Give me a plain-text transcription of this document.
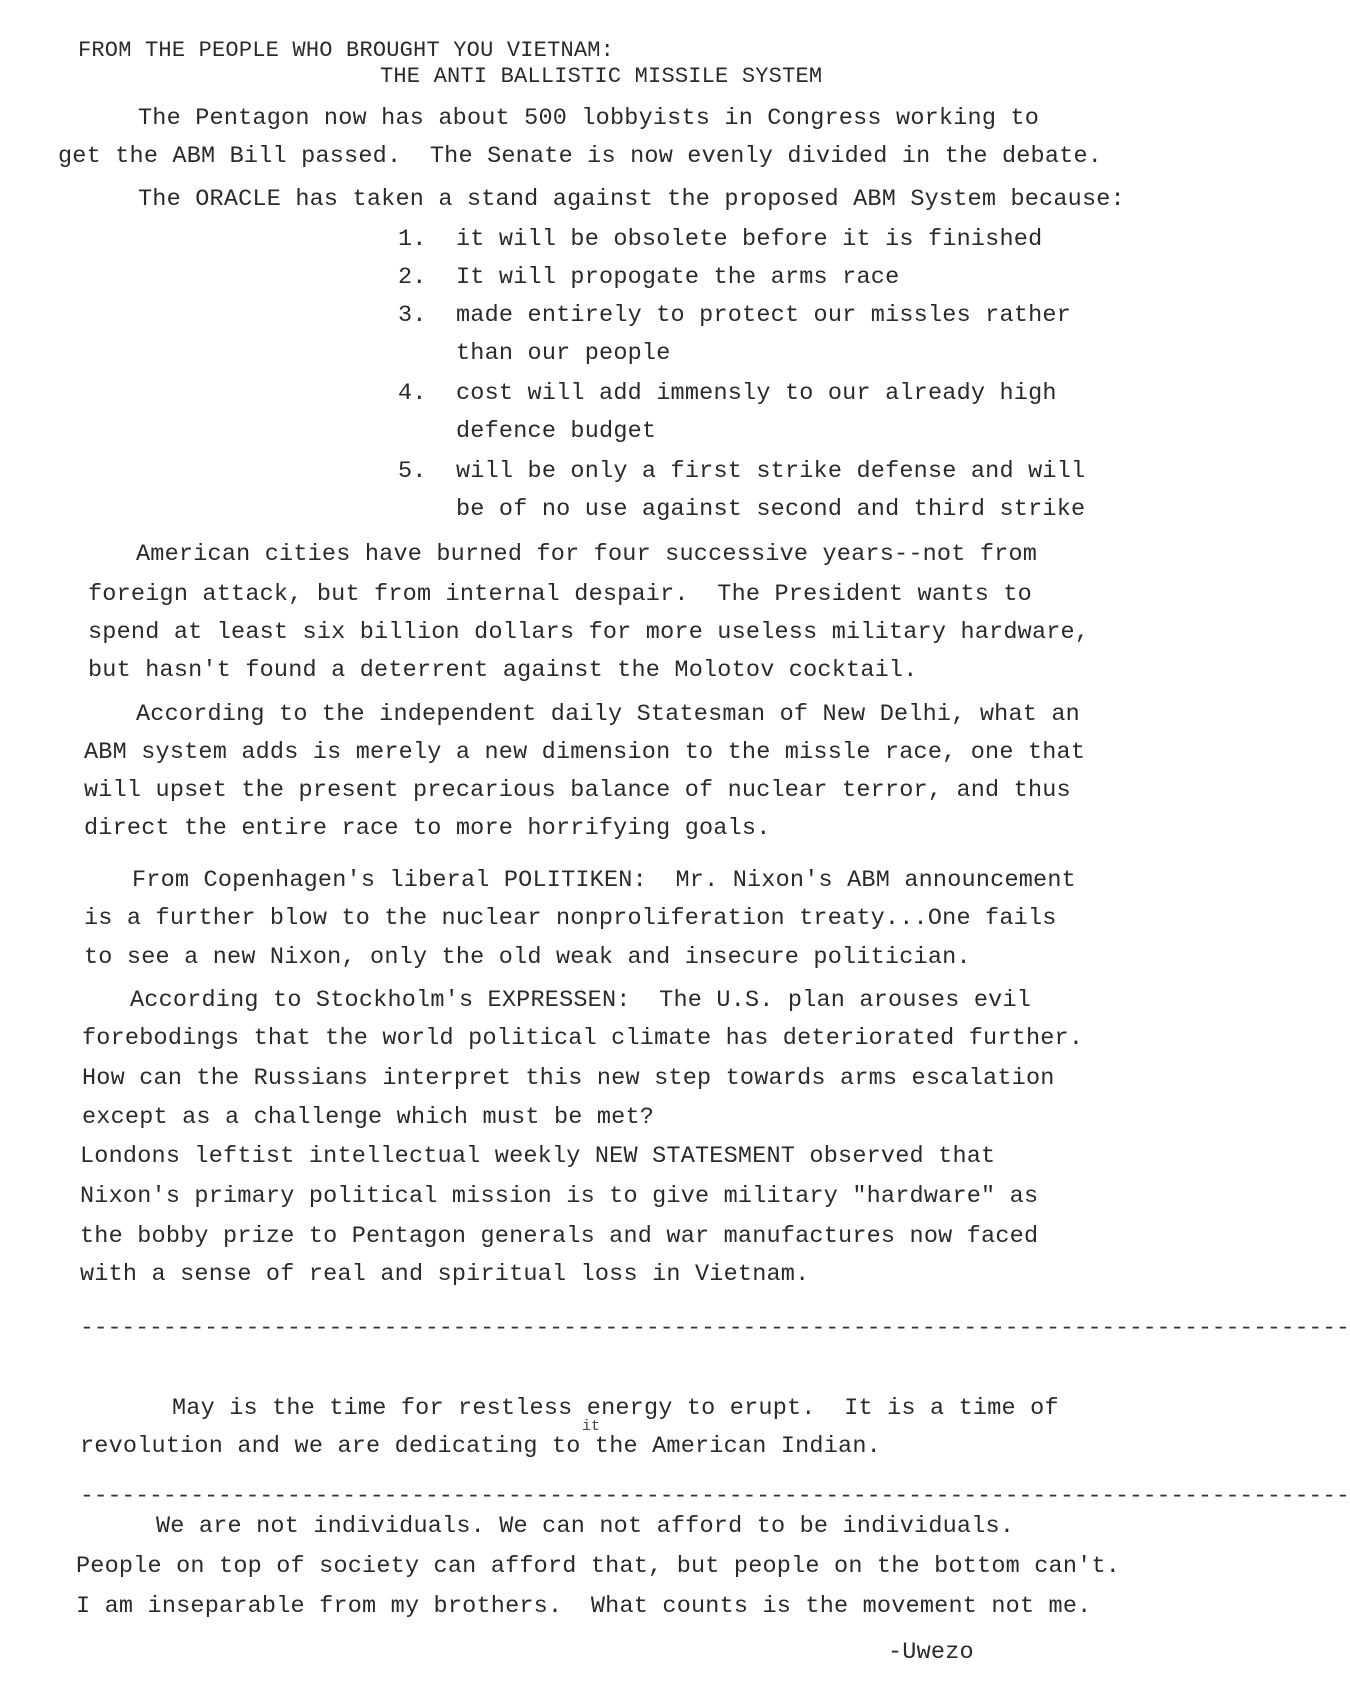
FROM THE PEOPLE WHO BROUGHT YOU VIETNAM:
THE ANTI BALLISTIC MISSILE SYSTEM
The Pentagon now has about 500 lobbyists in Congress working to
get the ABM Bill passed.  The Senate is now evenly divided in the debate.
The ORACLE has taken a stand against the proposed ABM System because:
1. it will be obsolete before it is finished
2. It will propogate the arms race
3. made entirely to protect our missles rather
than our people
4. cost will add immensly to our already high
defence budget
5. will be only a first strike defense and will
be of no use against second and third strike
American cities have burned for four successive years--not from
foreign attack, but from internal despair.  The President wants to
spend at least six billion dollars for more useless military hardware,
but hasn't found a deterrent against the Molotov cocktail.
According to the independent daily Statesman of New Delhi, what an
ABM system adds is merely a new dimension to the missle race, one that
will upset the present precarious balance of nuclear terror, and thus
direct the entire race to more horrifying goals.
From Copenhagen's liberal POLITIKEN:  Mr. Nixon's ABM announcement
is a further blow to the nuclear nonproliferation treaty...One fails
to see a new Nixon, only the old weak and insecure politician.
According to Stockholm's EXPRESSEN:  The U.S. plan arouses evil
forebodings that the world political climate has deteriorated further.
How can the Russians interpret this new step towards arms escalation
except as a challenge which must be met?
Londons leftist intellectual weekly NEW STATESMENT observed that
Nixon's primary political mission is to give military "hardware" as
the bobby prize to Pentagon generals and war manufactures now faced
with a sense of real and spiritual loss in Vietnam.
--------------------------------------------------------------------------------------------
May is the time for restless energy to erupt.  It is a time of
revolution and we are dedicating to the American Indian.
it
--------------------------------------------------------------------------------------------
We are not individuals. We can not afford to be individuals.
People on top of society can afford that, but people on the bottom can't.
I am inseparable from my brothers.  What counts is the movement not me.
-Uwezo
